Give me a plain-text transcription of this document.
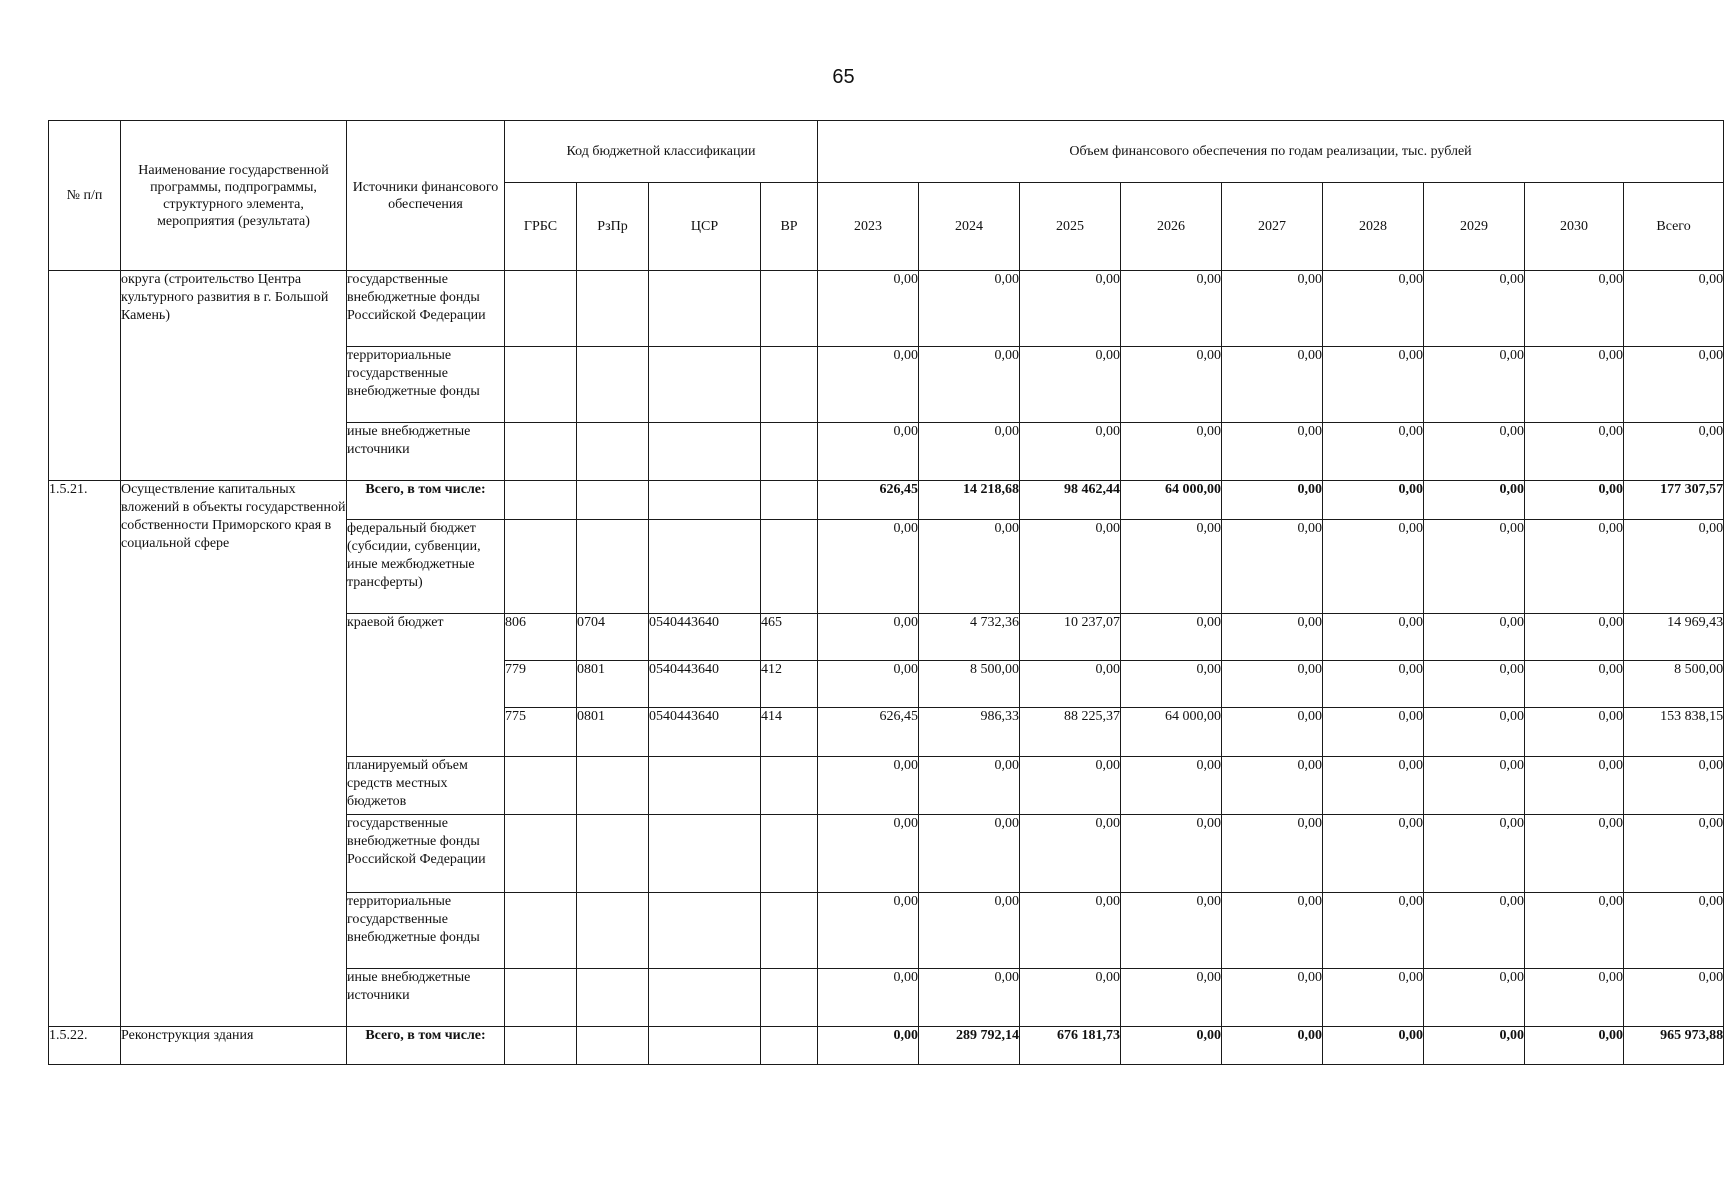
65
№ п/п	Наименование государственной программы, подпрограммы, структурного элемента, мероприятия (результата)	Источники финансового обеспечения	Код бюджетной классификации				Объем финансового обеспечения по годам реализации, тыс. рублей								
			ГРБС	РзПр	ЦСР	ВР	2023	2024	2025	2026	2027	2028	2029	2030	Всего
	округа (строительство Центра культурного развития в г. Большой Камень)	государственные внебюджетные фонды Российской Федерации					0,00	0,00	0,00	0,00	0,00	0,00	0,00	0,00	0,00
		территориальные государственные внебюджетные фонды					0,00	0,00	0,00	0,00	0,00	0,00	0,00	0,00	0,00
		иные внебюджетные источники					0,00	0,00	0,00	0,00	0,00	0,00	0,00	0,00	0,00
1.5.21.	Осуществление капитальных вложений в объекты государственной собственности Приморского края в социальной сфере	Всего, в том числе:					626,45	14 218,68	98 462,44	64 000,00	0,00	0,00	0,00	0,00	177 307,57
		федеральный бюджет (субсидии, субвенции, иные межбюджетные трансферты)					0,00	0,00	0,00	0,00	0,00	0,00	0,00	0,00	0,00
		краевой бюджет	806	0704	0540443640	465	0,00	4 732,36	10 237,07	0,00	0,00	0,00	0,00	0,00	14 969,43
			779	0801	0540443640	412	0,00	8 500,00	0,00	0,00	0,00	0,00	0,00	0,00	8 500,00
			775	0801	0540443640	414	626,45	986,33	88 225,37	64 000,00	0,00	0,00	0,00	0,00	153 838,15
		планируемый объем средств местных бюджетов					0,00	0,00	0,00	0,00	0,00	0,00	0,00	0,00	0,00
		государственные внебюджетные фонды Российской Федерации					0,00	0,00	0,00	0,00	0,00	0,00	0,00	0,00	0,00
		территориальные государственные внебюджетные фонды					0,00	0,00	0,00	0,00	0,00	0,00	0,00	0,00	0,00
		иные внебюджетные источники					0,00	0,00	0,00	0,00	0,00	0,00	0,00	0,00	0,00
1.5.22.	Реконструкция здания	Всего, в том числе:					0,00	289 792,14	676 181,73	0,00	0,00	0,00	0,00	0,00	965 973,88
